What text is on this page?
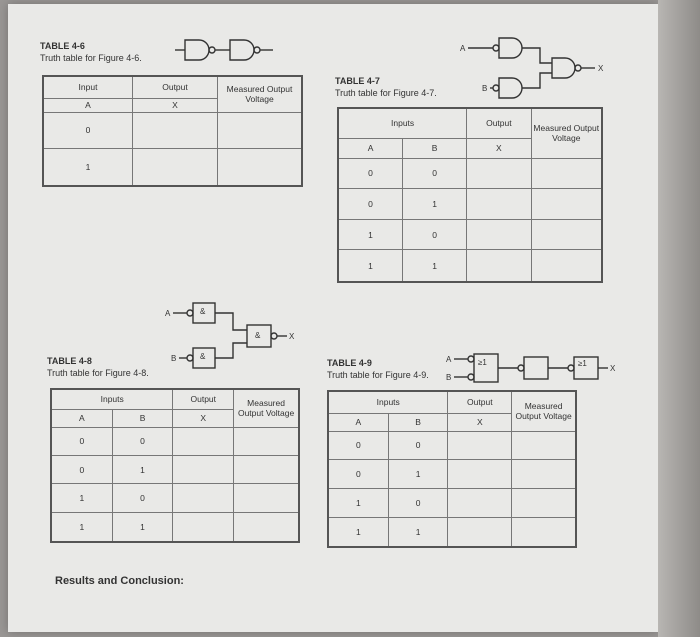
TABLE 4-6
Truth table for Figure 4-6.
Input	Output	Measured Output Voltage
A	X	
0		
1		
A
B
X
TABLE 4-7
Truth table for Figure 4-7.
Inputs		Output	Measured Output Voltage
A	B	X	
0	0		
0	1		
1	0		
1	1		
A	&
B	&
&	X
TABLE 4-8
Truth table for Figure 4-8.
Inputs		Output	Measured Output Voltage
A	B	X	
0	0		
0	1		
1	0		
1	1		
A
B
≥1	≥1
X
TABLE 4-9
Truth table for Figure 4-9.
Inputs		Output	Measured Output Voltage
A	B	X	
0	0		
0	1		
1	0		
1	1		
Results and Conclusion:
